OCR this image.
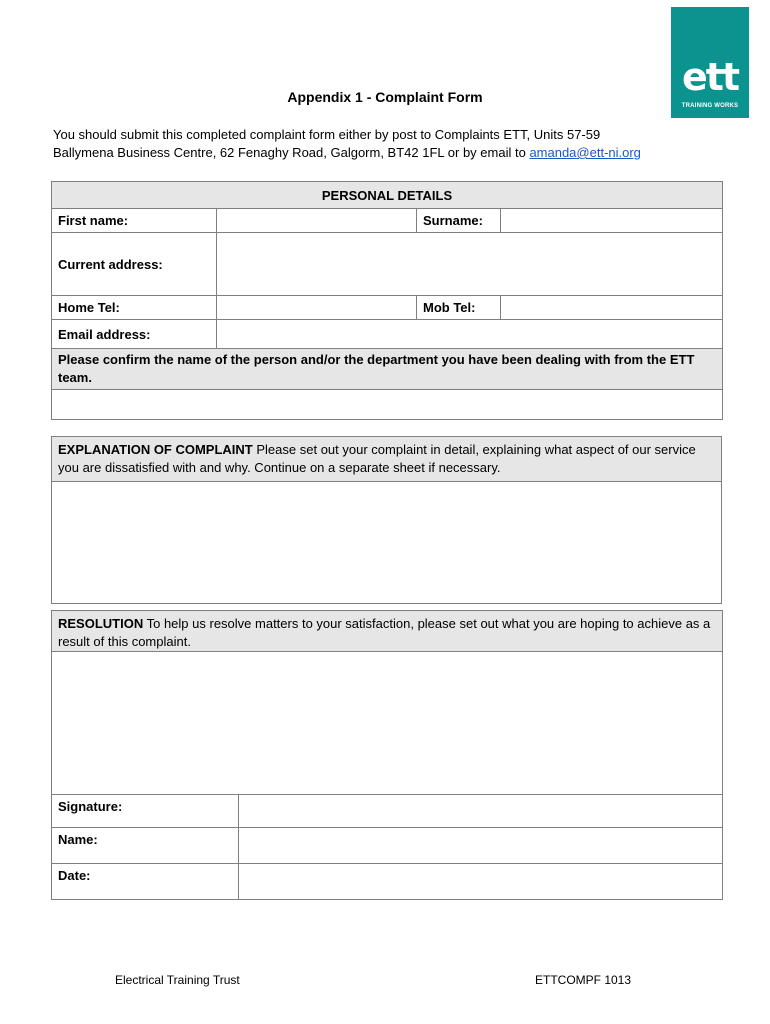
ett
TRAINING WORKS
Appendix 1 - Complaint Form
You should submit this completed complaint form either by post to Complaints ETT, Units 57-59
Ballymena Business Centre, 62 Fenaghy Road, Galgorm, BT42 1FL or by email to amanda@ett-ni.org
PERSONAL DETAILS			
First name:		Surname:	
Current address:			
Home Tel:		Mob Tel:	
Email address:			
Please confirm the name of the person and/or the department you have been dealing with from the ETT team.			

EXPLANATION OF COMPLAINT Please set out your complaint in detail, explaining what aspect of our service you are dissatisfied with and why. Continue on a separate sheet if necessary.

RESOLUTION To help us resolve matters to your satisfaction, please set out what you are hoping to achieve as a result of this complaint.	

Signature:	
Name:	
Date:	
Electrical Training Trust	ETTCOMPF 1013
